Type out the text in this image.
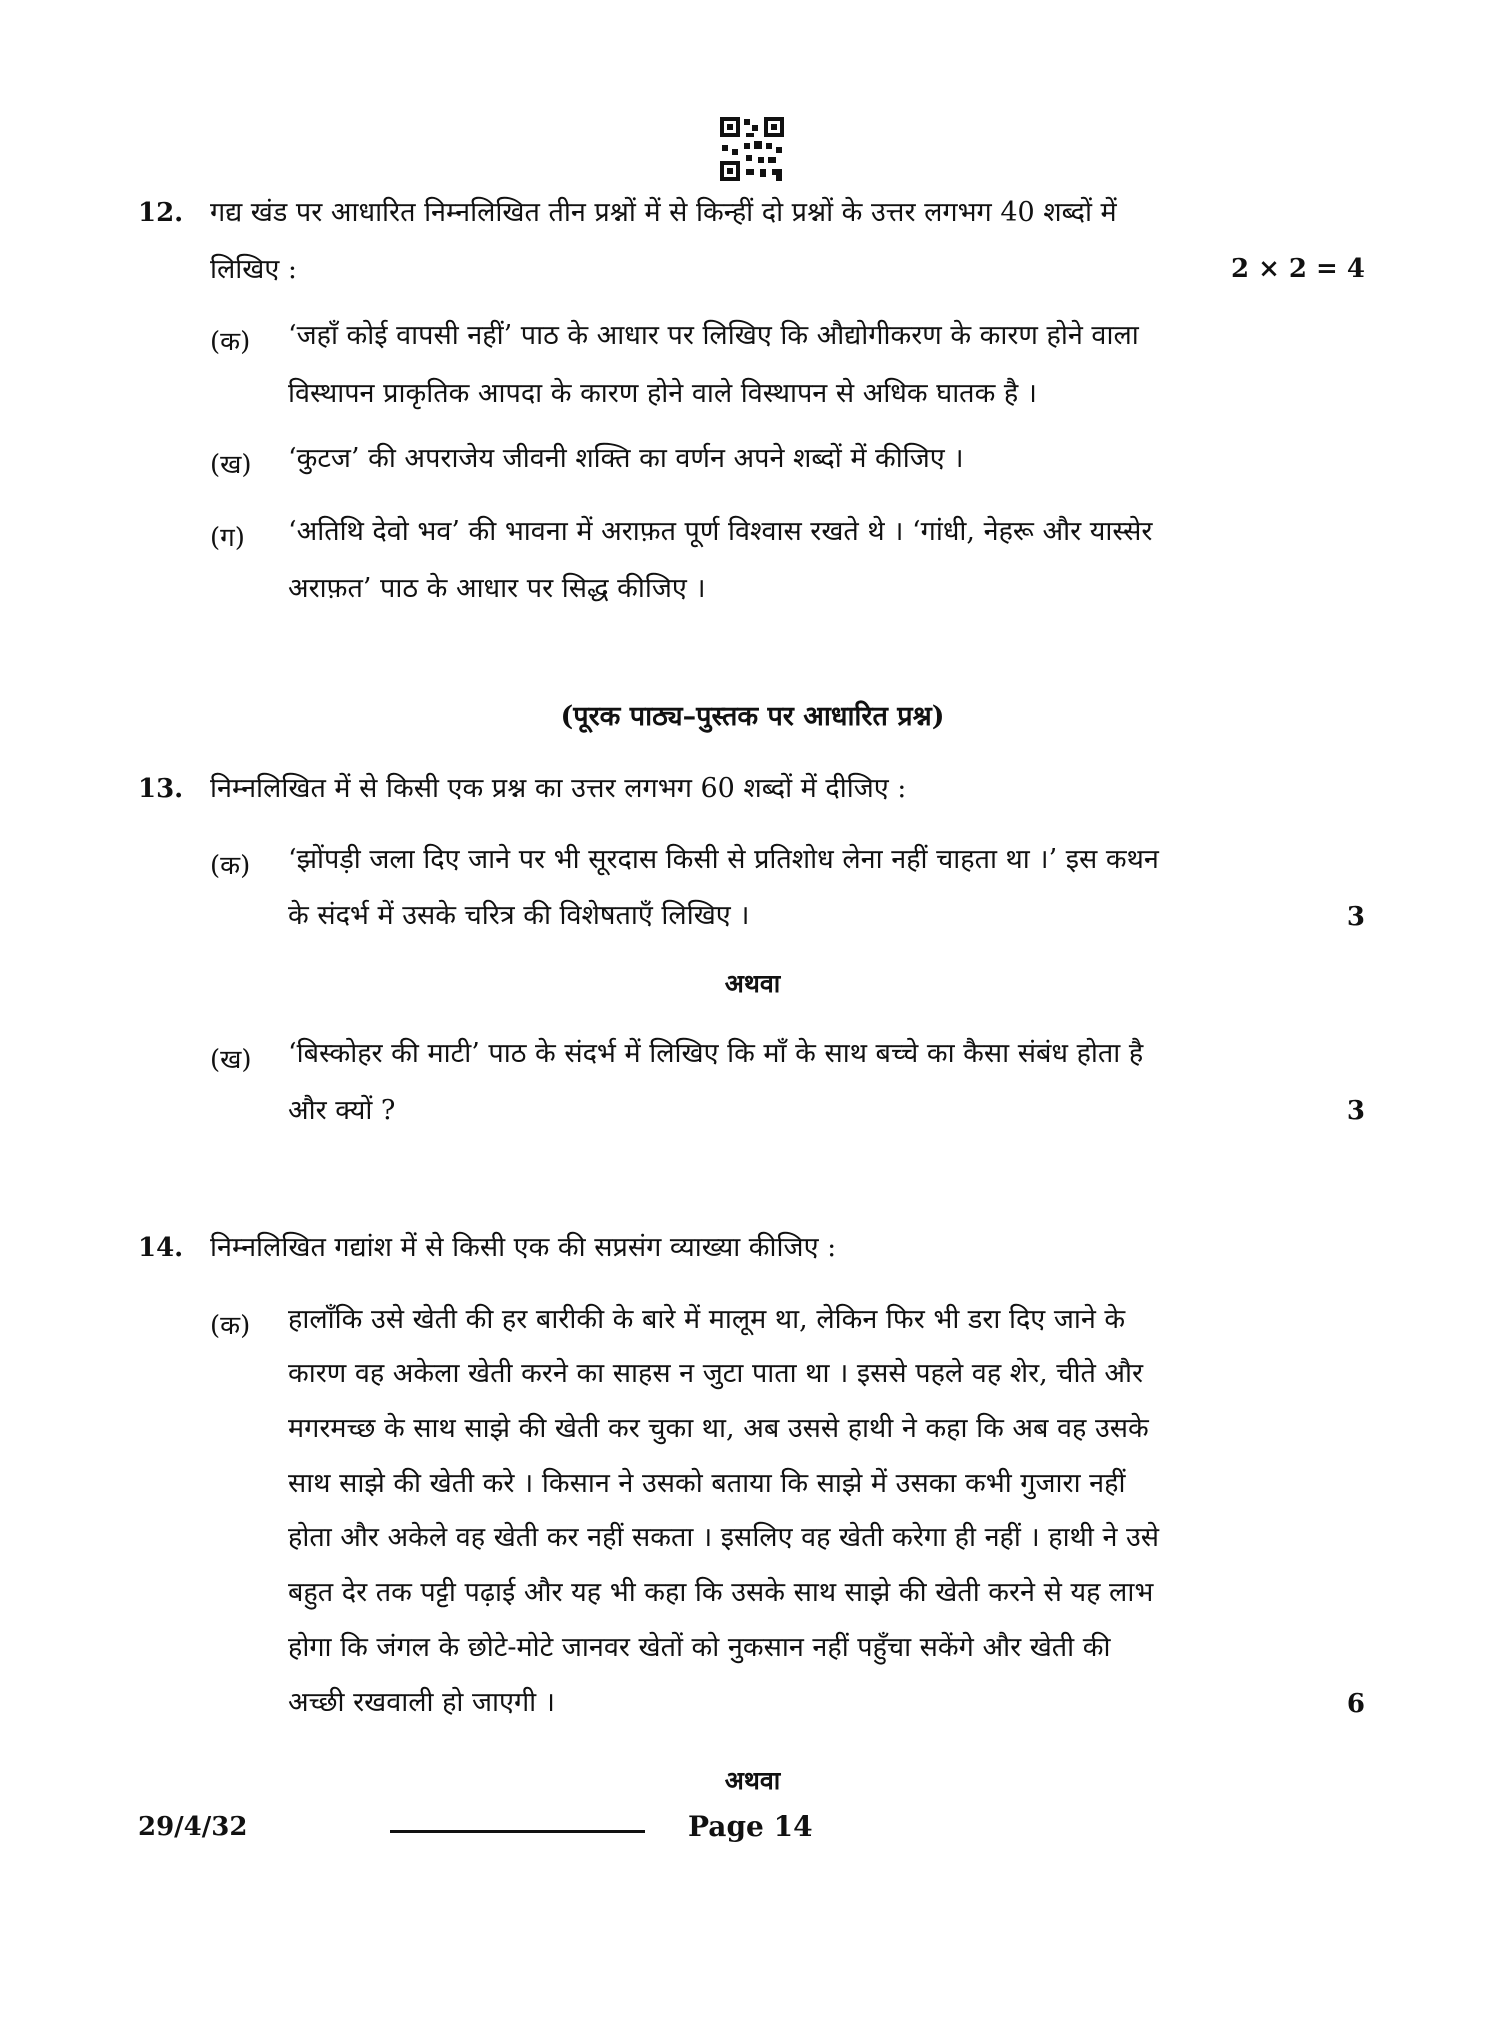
12. गद्य खंड पर आधारित निम्नलिखित तीन प्रश्नों में से किन्हीं दो प्रश्नों के उत्तर लगभग 40 शब्दों में
लिखिए :	2 × 2 = 4
(क) ‘जहाँ कोई वापसी नहीं’ पाठ के आधार पर लिखिए कि औद्योगीकरण के कारण होने वाला
विस्थापन प्राकृतिक आपदा के कारण होने वाले विस्थापन से अधिक घातक है ।
(ख) ‘कुटज’ की अपराजेय जीवनी शक्ति का वर्णन अपने शब्दों में कीजिए ।
(ग) ‘अतिथि देवो भव’ की भावना में अराफ़त पूर्ण विश्वास रखते थे । ‘गांधी, नेहरू और यास्सेर
अराफ़त’ पाठ के आधार पर सिद्ध कीजिए ।
(पूरक पाठ्य–पुस्तक पर आधारित प्रश्न)
13. निम्नलिखित में से किसी एक प्रश्न का उत्तर लगभग 60 शब्दों में दीजिए :
(क) ‘झोंपड़ी जला दिए जाने पर भी सूरदास किसी से प्रतिशोध लेना नहीं चाहता था ।’ इस कथन
के संदर्भ में उसके चरित्र की विशेषताएँ लिखिए ।	3
अथवा
(ख) ‘बिस्कोहर की माटी’ पाठ के संदर्भ में लिखिए कि माँ के साथ बच्चे का कैसा संबंध होता है
और क्यों ?	3
14. निम्नलिखित गद्यांश में से किसी एक की सप्रसंग व्याख्या कीजिए :
(क) हालाँकि उसे खेती की हर बारीकी के बारे में मालूम था, लेकिन फिर भी डरा दिए जाने के
कारण वह अकेला खेती करने का साहस न जुटा पाता था । इससे पहले वह शेर, चीते और
मगरमच्छ के साथ साझे की खेती कर चुका था, अब उससे हाथी ने कहा कि अब वह उसके
साथ साझे की खेती करे । किसान ने उसको बताया कि साझे में उसका कभी गुजारा नहीं
होता और अकेले वह खेती कर नहीं सकता । इसलिए वह खेती करेगा ही नहीं । हाथी ने उसे
बहुत देर तक पट्टी पढ़ाई और यह भी कहा कि उसके साथ साझे की खेती करने से यह लाभ
होगा कि जंगल के छोटे-मोटे जानवर खेतों को नुकसान नहीं पहुँचा सकेंगे और खेती की
अच्छी रखवाली हो जाएगी ।	6
अथवा
29/4/32	Page 14
